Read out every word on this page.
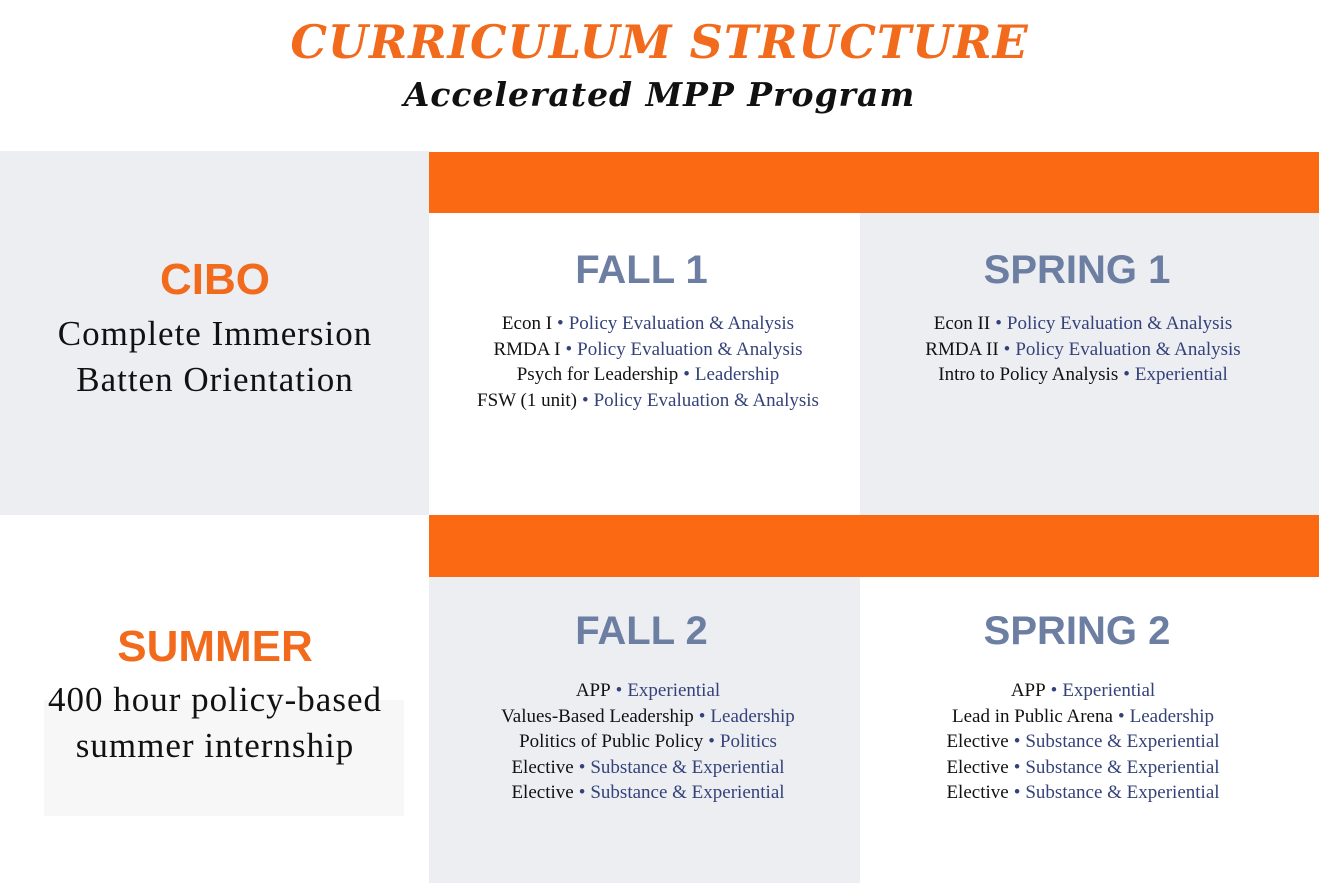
CURRICULUM STRUCTURE
Accelerated MPP Program
CIBO
Complete Immersion
Batten Orientation
SUMMER
400 hour policy-based
summer internship
FALL 1
Econ I • Policy Evaluation & Analysis
RMDA I • Policy Evaluation & Analysis
Psych for Leadership • Leadership
FSW (1 unit) • Policy Evaluation & Analysis
SPRING 1
Econ II • Policy Evaluation & Analysis
RMDA II • Policy Evaluation & Analysis
Intro to Policy Analysis • Experiential
FALL 2
APP • Experiential
Values-Based Leadership • Leadership
Politics of Public Policy • Politics
Elective • Substance & Experiential
Elective • Substance & Experiential
SPRING 2
APP • Experiential
Lead in Public Arena • Leadership
Elective • Substance & Experiential
Elective • Substance & Experiential
Elective • Substance & Experiential
